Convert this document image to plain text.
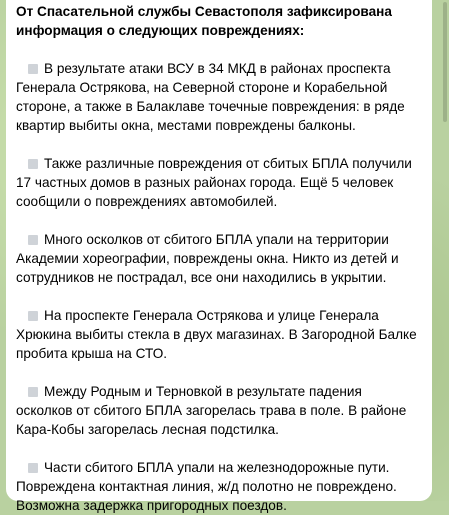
От Спасательной службы Севастополя зафиксирована информация о следующих повреждениях:
В результате атаки ВСУ в 34 МКД в районах проспекта Генерала Острякова, на Северной стороне и Корабельной стороне, а также в Балаклаве точечные повреждения: в ряде квартир выбиты окна, местами повреждены балконы.
Также различные повреждения от сбитых БПЛА получили 17 частных домов в разных районах города. Ещё 5 человек сообщили о повреждениях автомобилей.
Много осколков от сбитого БПЛА упали на территории Академии хореографии, повреждены окна. Никто из детей и сотрудников не пострадал, все они находились в укрытии.
На проспекте Генерала Острякова и улице Генерала Хрюкина выбиты стекла в двух магазинах. В Загородной Балке пробита крыша на СТО.
Между Родным и Терновкой в результате падения осколков от сбитого БПЛА загорелась трава в поле. В районе Кара-Кобы загорелась лесная подстилка.
Части сбитого БПЛА упали на железнодорожные пути. Повреждена контактная линия, ж/д полотно не повреждено. Возможна задержка пригородных поездов.
